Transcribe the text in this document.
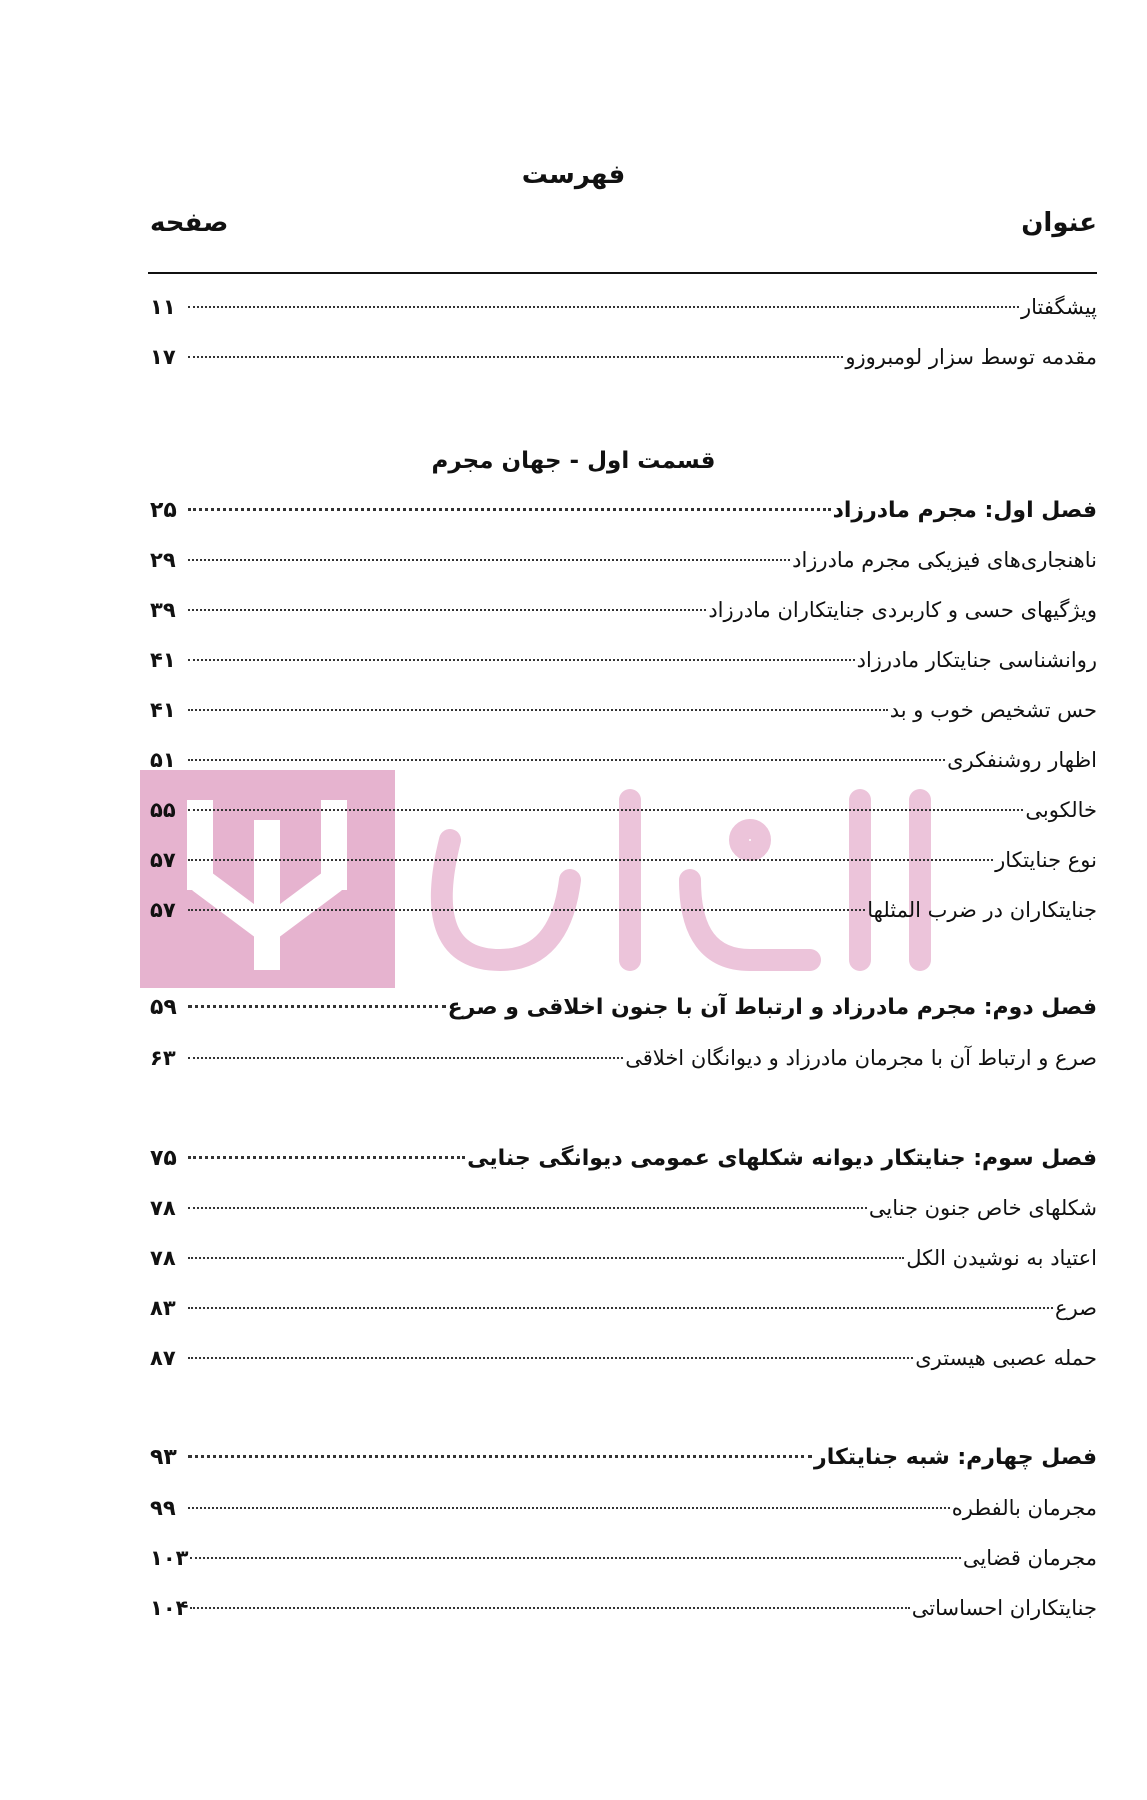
فهرست
عنوان
صفحه
پیشگفتار
۱۱
مقدمه توسط سزار لومبروزو
۱۷
قسمت اول - جهان مجرم
فصل اول: مجرم مادرزاد
۲۵
ناهنجاری‌های فیزیکی مجرم مادرزاد
۲۹
ویژگیهای حسی و کاربردی جنایتکاران مادرزاد
۳۹
روانشناسی جنایتکار مادرزاد
۴۱
حس تشخیص خوب و بد
۴۱
اظهار روشنفکری
۵۱
خالکوبی
۵۵
نوع جنایتکار
۵۷
جنایتکاران در ضرب المثلها
۵۷
فصل دوم: مجرم مادرزاد و ارتباط آن با جنون اخلاقی و صرع
۵۹
صرع و ارتباط آن با مجرمان مادرزاد و دیوانگان اخلاقی
۶۳
فصل سوم: جنایتکار دیوانه شکلهای عمومی دیوانگی جنایی
۷۵
شکلهای خاص جنون جنایی
۷۸
اعتیاد به نوشیدن الکل
۷۸
صرع
۸۳
حمله عصبی هیستری
۸۷
فصل چهارم: شبه جنایتکار
۹۳
مجرمان بالفطره
۹۹
مجرمان قضایی
۱۰۳
جنایتکاران احساساتی
۱۰۴
